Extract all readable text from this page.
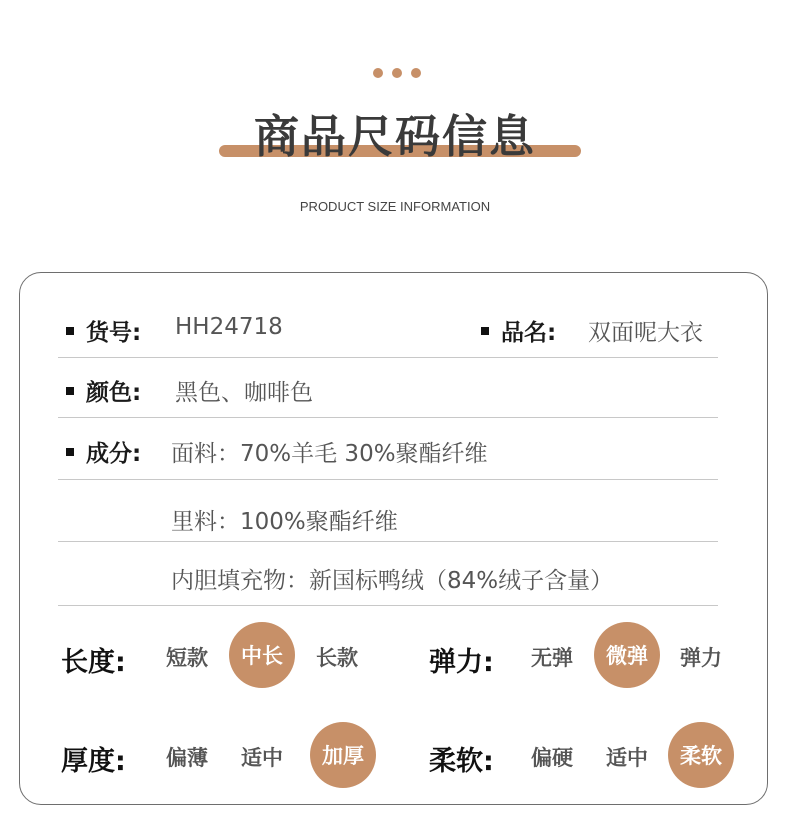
商品尺码信息
PRODUCT SIZE INFORMATION
货号: HH24718	品名: 双面呢大衣
颜色: 黑色、咖啡色
成分: 面料：70%羊毛 30%聚酯纤维
里料：100%聚酯纤维
内胆填充物：新国标鸭绒（84%绒子含量）
长度:	短款	中长	长款	弹力:	无弹	微弹	弹力
厚度:	偏薄	适中	加厚	柔软:	偏硬	适中	柔软
